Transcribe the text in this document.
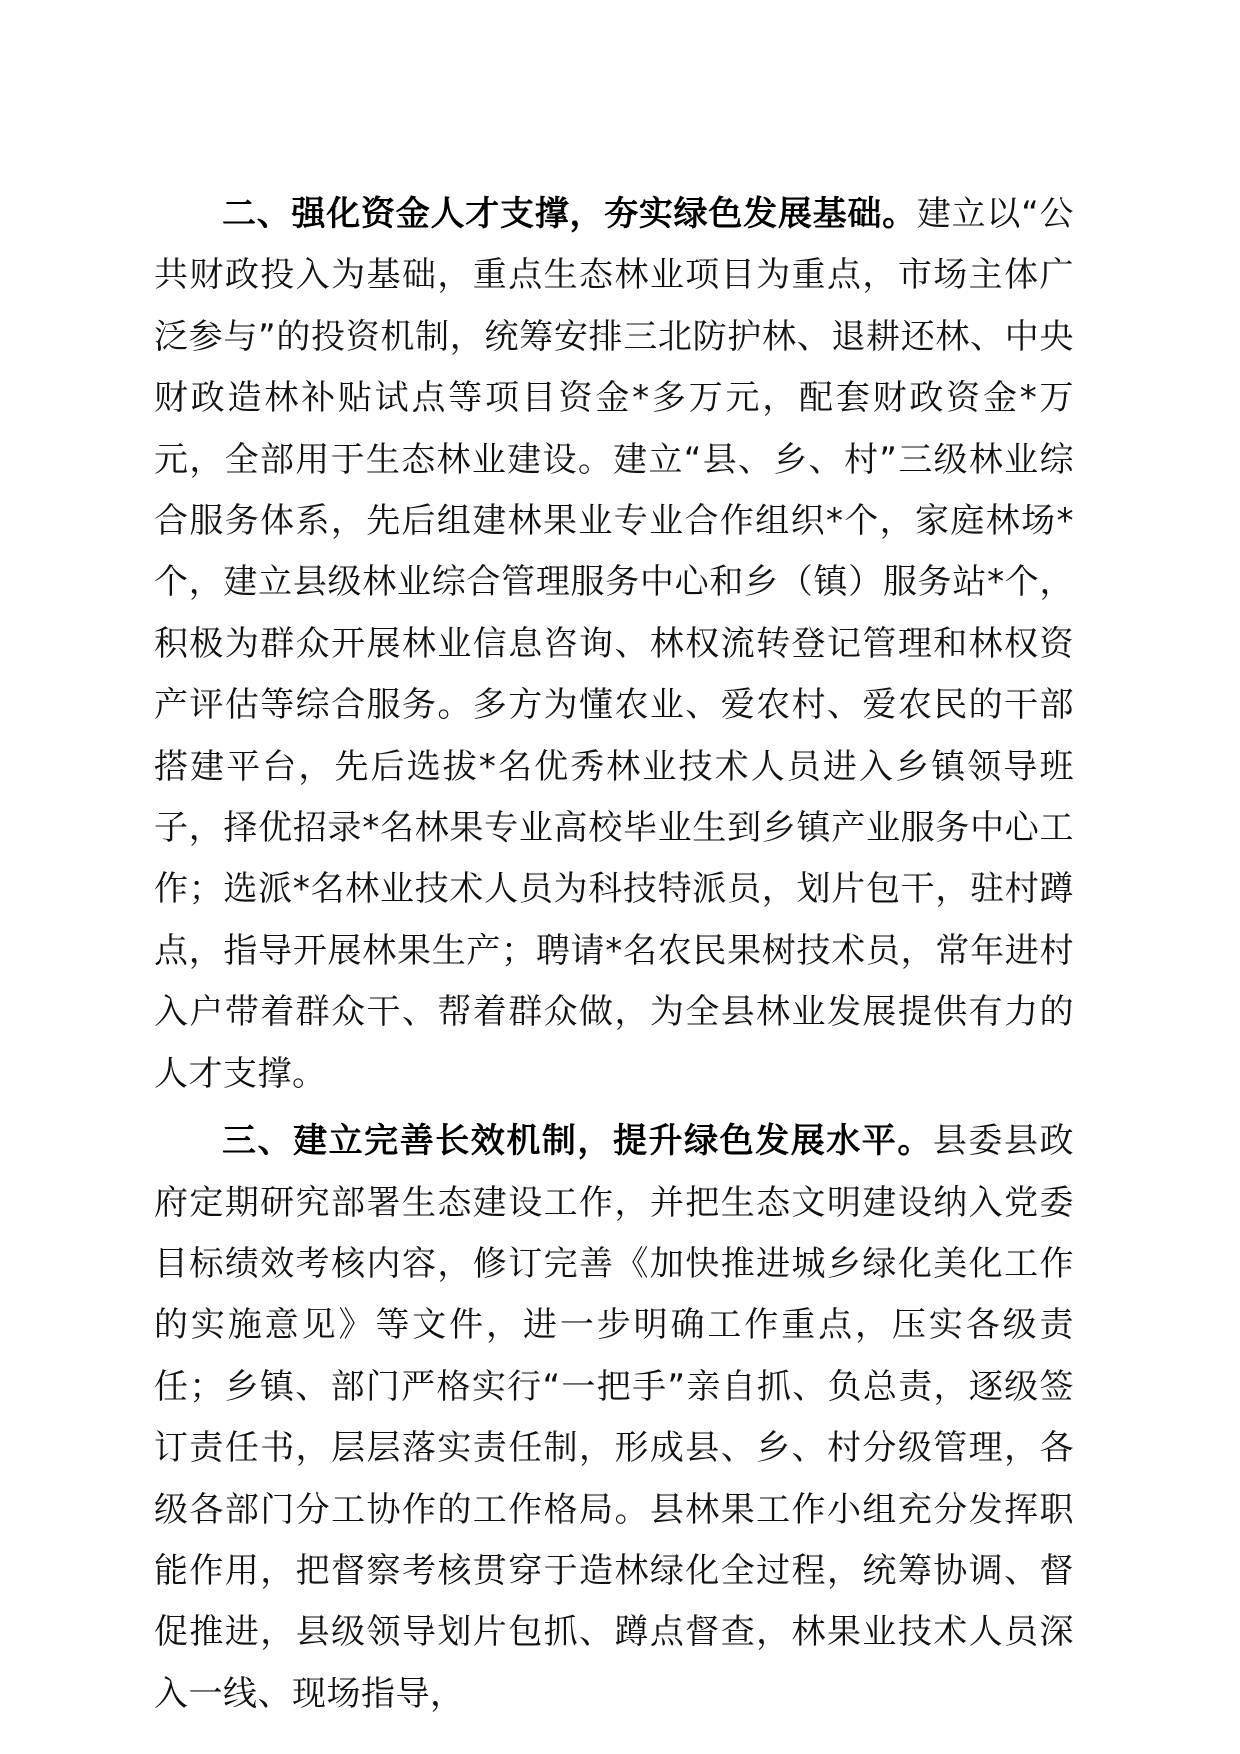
二、强化资金人才支撑，夯实绿色发展基础。建立以“公共财政投入为基础，重点生态林业项目为重点，市场主体广泛参与”的投资机制，统筹安排三北防护林、退耕还林、中央财政造林补贴试点等项目资金*多万元，配套财政资金*万元，全部用于生态林业建设。建立“县、乡、村”三级林业综合服务体系，先后组建林果业专业合作组织*个，家庭林场*个，建立县级林业综合管理服务中心和乡（镇）服务站*个，积极为群众开展林业信息咨询、林权流转登记管理和林权资产评估等综合服务。多方为懂农业、爱农村、爱农民的干部搭建平台，先后选拔*名优秀林业技术人员进入乡镇领导班子，择优招录*名林果专业高校毕业生到乡镇产业服务中心工作；选派*名林业技术人员为科技特派员，划片包干，驻村蹲点，指导开展林果生产；聘请*名农民果树技术员，常年进村入户带着群众干、帮着群众做，为全县林业发展提供有力的人才支撑。

三、建立完善长效机制，提升绿色发展水平。县委县政府定期研究部署生态建设工作，并把生态文明建设纳入党委目标绩效考核内容，修订完善《加快推进城乡绿化美化工作的实施意见》等文件，进一步明确工作重点，压实各级责任；乡镇、部门严格实行“一把手”亲自抓、负总责，逐级签订责任书，层层落实责任制，形成县、乡、村分级管理，各级各部门分工协作的工作格局。县林果工作小组充分发挥职能作用，把督察考核贯穿于造林绿化全过程，统筹协调、督促推进，县级领导划片包抓、蹲点督查，林果业技术人员深入一线、现场指导，
